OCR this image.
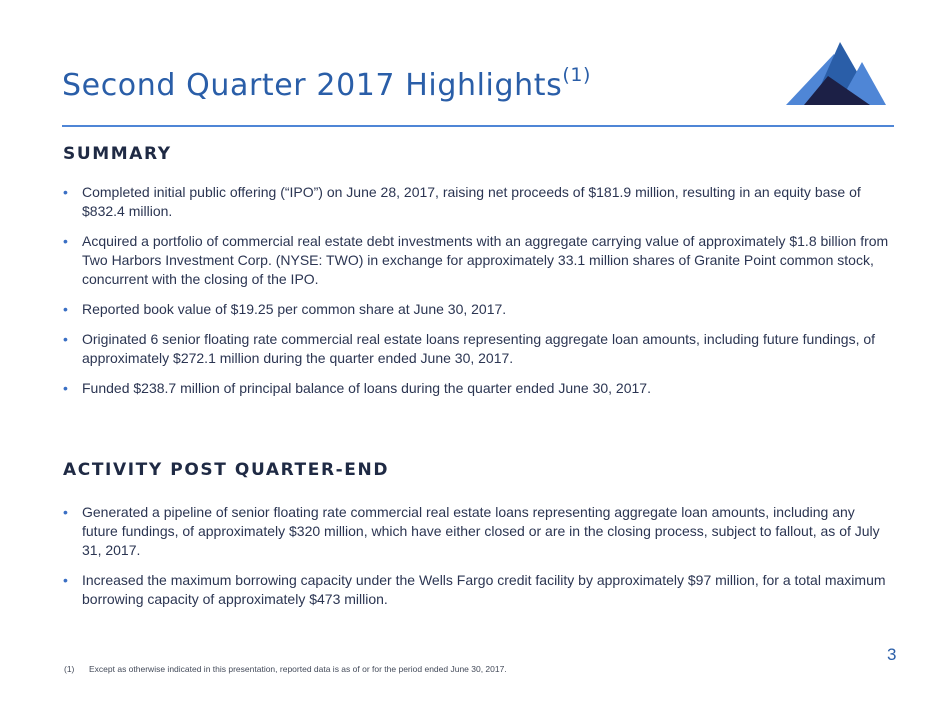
Second Quarter 2017 Highlights$^{(1)}$
SUMMARY
• Completed initial public offering (“IPO”) on June 28, 2017, raising net proceeds of $181.9 million, resulting in an equity base of $832.4 million.
• Acquired a portfolio of commercial real estate debt investments with an aggregate carrying value of approximately $1.8 billion from Two Harbors Investment Corp. (NYSE: TWO) in exchange for approximately 33.1 million shares of Granite Point common stock, concurrent with the closing of the IPO.
• Reported book value of $19.25 per common share at June 30, 2017.
• Originated 6 senior floating rate commercial real estate loans representing aggregate loan amounts, including future fundings, of approximately $272.1 million during the quarter ended June 30, 2017.
• Funded $238.7 million of principal balance of loans during the quarter ended June 30, 2017.
ACTIVITY POST QUARTER-END
• Generated a pipeline of senior floating rate commercial real estate loans representing aggregate loan amounts, including any future fundings, of approximately $320 million, which have either closed or are in the closing process, subject to fallout, as of July 31, 2017.
• Increased the maximum borrowing capacity under the Wells Fargo credit facility by approximately $97 million, for a total maximum borrowing capacity of approximately $473 million.
3
(1) Except as otherwise indicated in this presentation, reported data is as of or for the period ended June 30, 2017.
